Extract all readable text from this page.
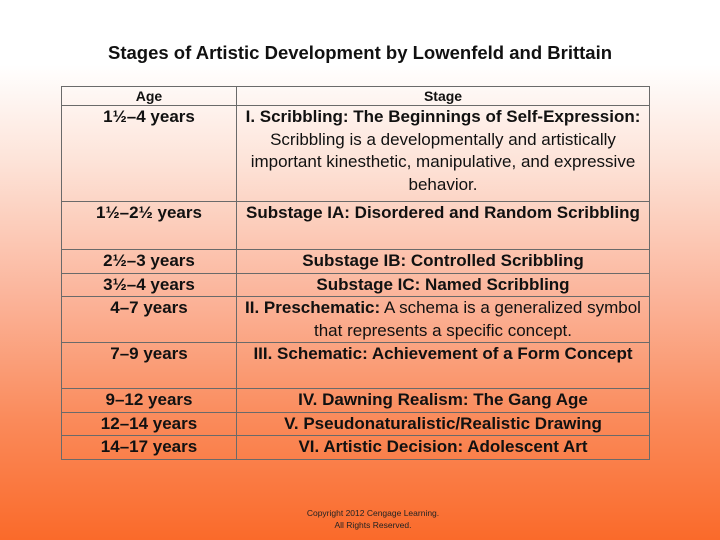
Stages of Artistic Development by Lowenfeld and Brittain
Age	Stage
1½–4 years	I. Scribbling: The Beginnings of Self-Expression: Scribbling is a developmentally and artistically important kinesthetic, manipulative, and expressive behavior.
1½–2½ years	Substage IA: Disordered and Random Scribbling
2½–3 years	Substage IB: Controlled Scribbling
3½–4 years	Substage IC: Named Scribbling
4–7 years	II. Preschematic: A schema is a generalized symbol that represents a specific concept.
7–9 years	III. Schematic: Achievement of a Form Concept
9–12 years	IV. Dawning Realism: The Gang Age
12–14 years	V. Pseudonaturalistic/Realistic Drawing
14–17 years	VI. Artistic Decision: Adolescent Art
Copyright 2012 Cengage Learning.
All Rights Reserved.
